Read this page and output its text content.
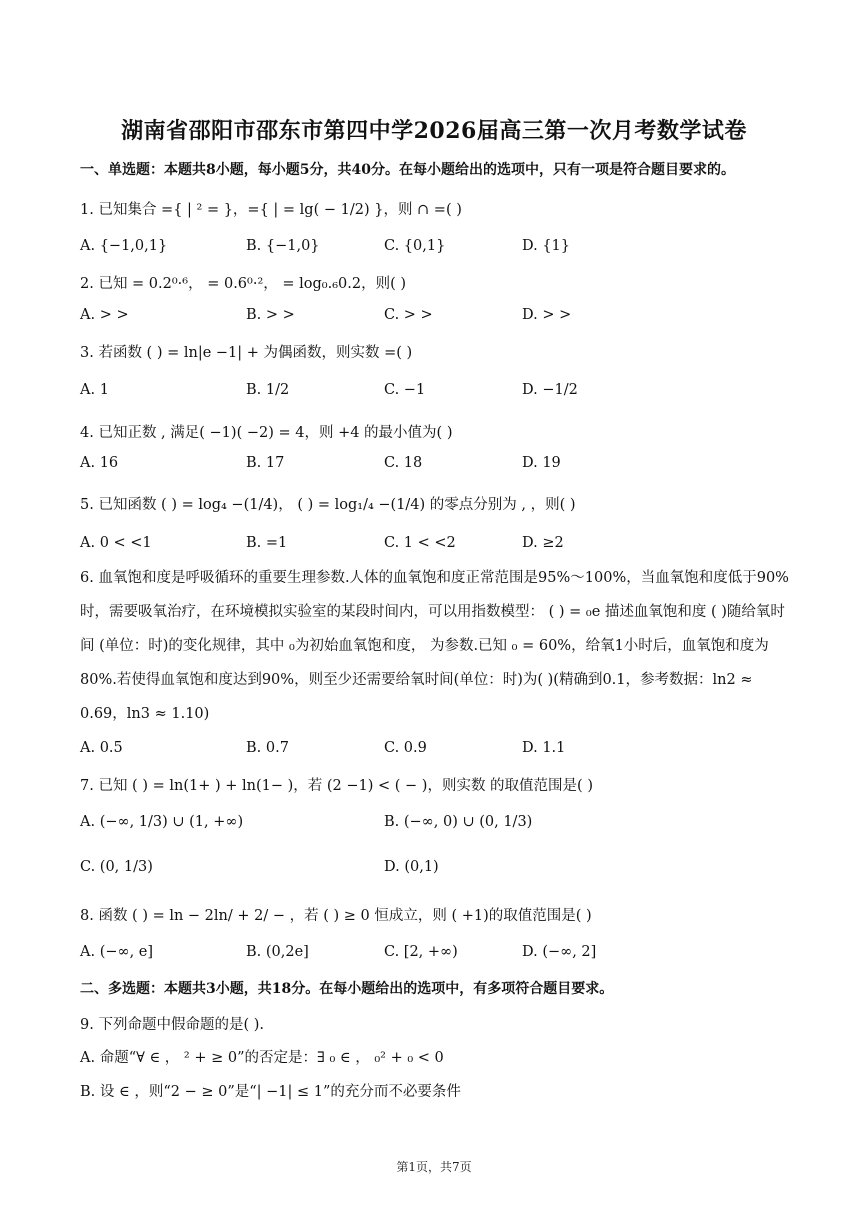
湖南省邵阳市邵东市第四中学2026届高三第一次月考数学试卷
一、单选题：本题共8小题，每小题5分，共40分。在每小题给出的选项中，只有一项是符合题目要求的。
1. 已知集合 ={ | ² = }，={ | = lg( − 1/2) }，则 ∩ =( )
A. {−1,0,1}	B. {−1,0}	C. {0,1}	D. {1}
2. 已知 = 0.2⁰·⁶， = 0.6⁰·²， = log₀.₆0.2，则( )
A. > >	B. > >	C. > >	D. > >
3. 若函数 ( ) = ln|e −1| + 为偶函数，则实数 =( )
A. 1	B. 1/2	C. −1	D. −1/2
4. 已知正数 , 满足( −1)( −2) = 4，则 +4 的最小值为( )
A. 16	B. 17	C. 18	D. 19
5. 已知函数 ( ) = log₄ −(1/4)， ( ) = log₁/₄ −(1/4) 的零点分别为 , ，则( )
A. 0 < <1	B. =1	C. 1 < <2	D. ≥2
6. 血氧饱和度是呼吸循环的重要生理参数.人体的血氧饱和度正常范围是95%～100%，当血氧饱和度低于90%时，需要吸氧治疗，在环境模拟实验室的某段时间内，可以用指数模型： ( ) = ₀e 描述血氧饱和度 ( )随给氧时间 (单位：时)的变化规律，其中 ₀为初始血氧饱和度， 为参数.已知 ₀ = 60%，给氧1小时后，血氧饱和度为80%.若使得血氧饱和度达到90%，则至少还需要给氧时间(单位：时)为( )(精确到0.1，参考数据：ln2 ≈ 0.69，ln3 ≈ 1.10)
A. 0.5	B. 0.7	C. 0.9	D. 1.1
7. 已知 ( ) = ln(1+ ) + ln(1− )，若 (2 −1) < ( − )，则实数 的取值范围是( )
A. (−∞, 1/3) ∪ (1, +∞)	B. (−∞, 0) ∪ (0, 1/3)
C. (0, 1/3)	D. (0,1)
8. 函数 ( ) = ln − 2ln/ + 2/ − ，若 ( ) ≥ 0 恒成立，则 ( +1)的取值范围是( )
A. (−∞, e]	B. (0,2e]	C. [2, +∞)	D. (−∞, 2]
二、多选题：本题共3小题，共18分。在每小题给出的选项中，有多项符合题目要求。
9. 下列命题中假命题的是( ).
A. 命题“∀ ∈ ， ² + ≥ 0”的否定是：∃ ₀ ∈ ， ₀² + ₀ < 0
B. 设 ∈ ，则“2 − ≥ 0”是“| −1| ≤ 1”的充分而不必要条件
第1页，共7页
